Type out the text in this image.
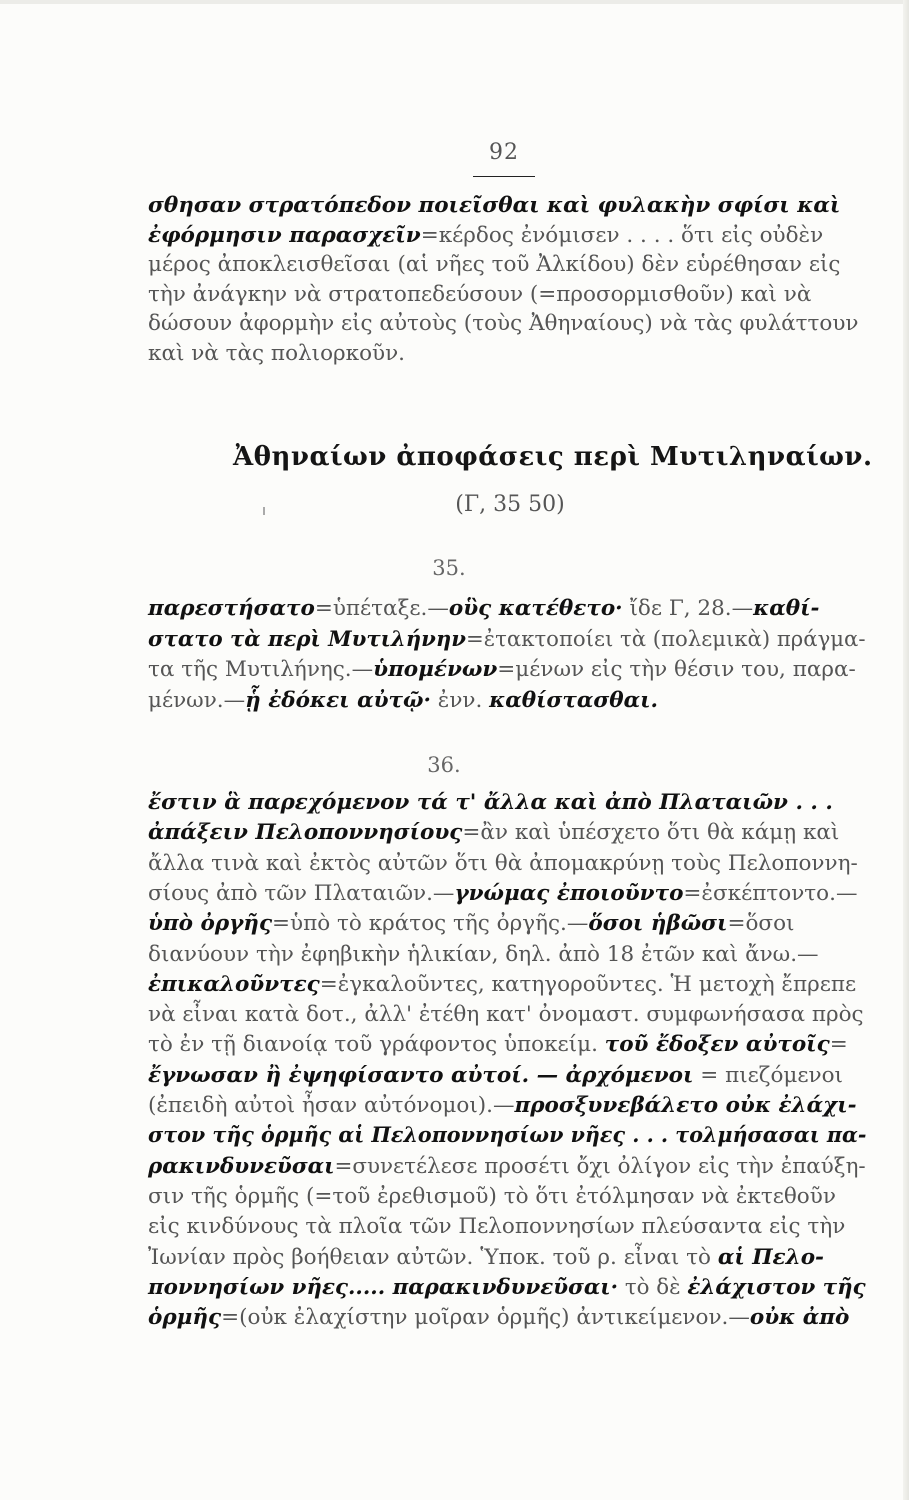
92
σθησαν στρατόπεδον ποιεῖσθαι καὶ φυλακὴν σφίσι καὶ
ἐφόρμησιν παρασχεῖν=κέρδος ἐνόμισεν . . . . ὅτι εἰς οὐδὲν
μέρος ἀποκλεισθεῖσαι (αἱ νῆες τοῦ Ἀλκίδου) δὲν εὑρέθησαν εἰς
τὴν ἀνάγκην νὰ στρατοπεδεύσουν (=προσορμισθοῦν) καὶ νὰ
δώσουν ἀφορμὴν εἰς αὐτοὺς (τοὺς Ἀθηναίους) νὰ τὰς φυλάττουν
καὶ νὰ τὰς πολιορκοῦν.
Ἀθηναίων ἀποφάσεις περὶ Μυτιληναίων.
(Γ, 35 50)
35.
παρεστήσατο=ὑπέταξε.—οὓς κατέθετο· ἴδε Γ, 28.—καθί-
στατο τὰ περὶ Μυτιλήνην=ἐτακτοποίει τὰ (πολεμικὰ) πράγμα-
τα τῆς Μυτιλήνης.—ὑπομένων=μένων εἰς τὴν θέσιν του, παρα-
μένων.—ᾗ ἐδόκει αὐτῷ· ἐνν. καθίστασθαι.
36.
ἔστιν ἃ παρεχόμενον τά τ' ἄλλα καὶ ἀπὸ Πλαταιῶν . . .
ἀπάξειν Πελοποννησίους=ἂν καὶ ὑπέσχετο ὅτι θὰ κάμῃ καὶ
ἄλλα τινὰ καὶ ἐκτὸς αὐτῶν ὅτι θὰ ἀπομακρύνῃ τοὺς Πελοποννη-
σίους ἀπὸ τῶν Πλαταιῶν.—γνώμας ἐποιοῦντο=ἐσκέπτοντο.—
ὑπὸ ὀργῆς=ὑπὸ τὸ κράτος τῆς ὀργῆς.—ὅσοι ἡβῶσι=ὅσοι
διανύουν τὴν ἐφηβικὴν ἡλικίαν, δηλ. ἀπὸ 18 ἐτῶν καὶ ἄνω.—
ἐπικαλοῦντες=ἐγκαλοῦντες, κατηγοροῦντες. Ἡ μετοχὴ ἔπρεπε
νὰ εἶναι κατὰ δοτ., ἀλλ' ἐτέθη κατ' ὀνομαστ. συμφωνήσασα πρὸς
τὸ ἐν τῇ διανοίᾳ τοῦ γράφοντος ὑποκείμ. τοῦ ἔδοξεν αὐτοῖς=
ἔγνωσαν ἢ ἐψηφίσαντο αὐτοί. — ἀρχόμενοι = πιεζόμενοι
(ἐπειδὴ αὐτοὶ ἦσαν αὐτόνομοι).—προσξυνεβάλετο οὐκ ἐλάχι-
στον τῆς ὁρμῆς αἱ Πελοποννησίων νῆες . . . τολμήσασαι πα-
ρακινδυνεῦσαι=συνετέλεσε προσέτι ὄχι ὀλίγον εἰς τὴν ἐπαύξη-
σιν τῆς ὁρμῆς (=τοῦ ἐρεθισμοῦ) τὸ ὅτι ἐτόλμησαν νὰ ἐκτεθοῦν
εἰς κινδύνους τὰ πλοῖα τῶν Πελοποννησίων πλεύσαντα εἰς τὴν
Ἰωνίαν πρὸς βοήθειαν αὐτῶν. Ὑποκ. τοῦ ρ. εἶναι τὸ αἱ Πελο-
ποννησίων νῆες..... παρακινδυνεῦσαι· τὸ δὲ ἐλάχιστον τῆς
ὁρμῆς=(οὐκ ἐλαχίστην μοῖραν ὁρμῆς) ἀντικείμενον.—οὐκ ἀπὸ
